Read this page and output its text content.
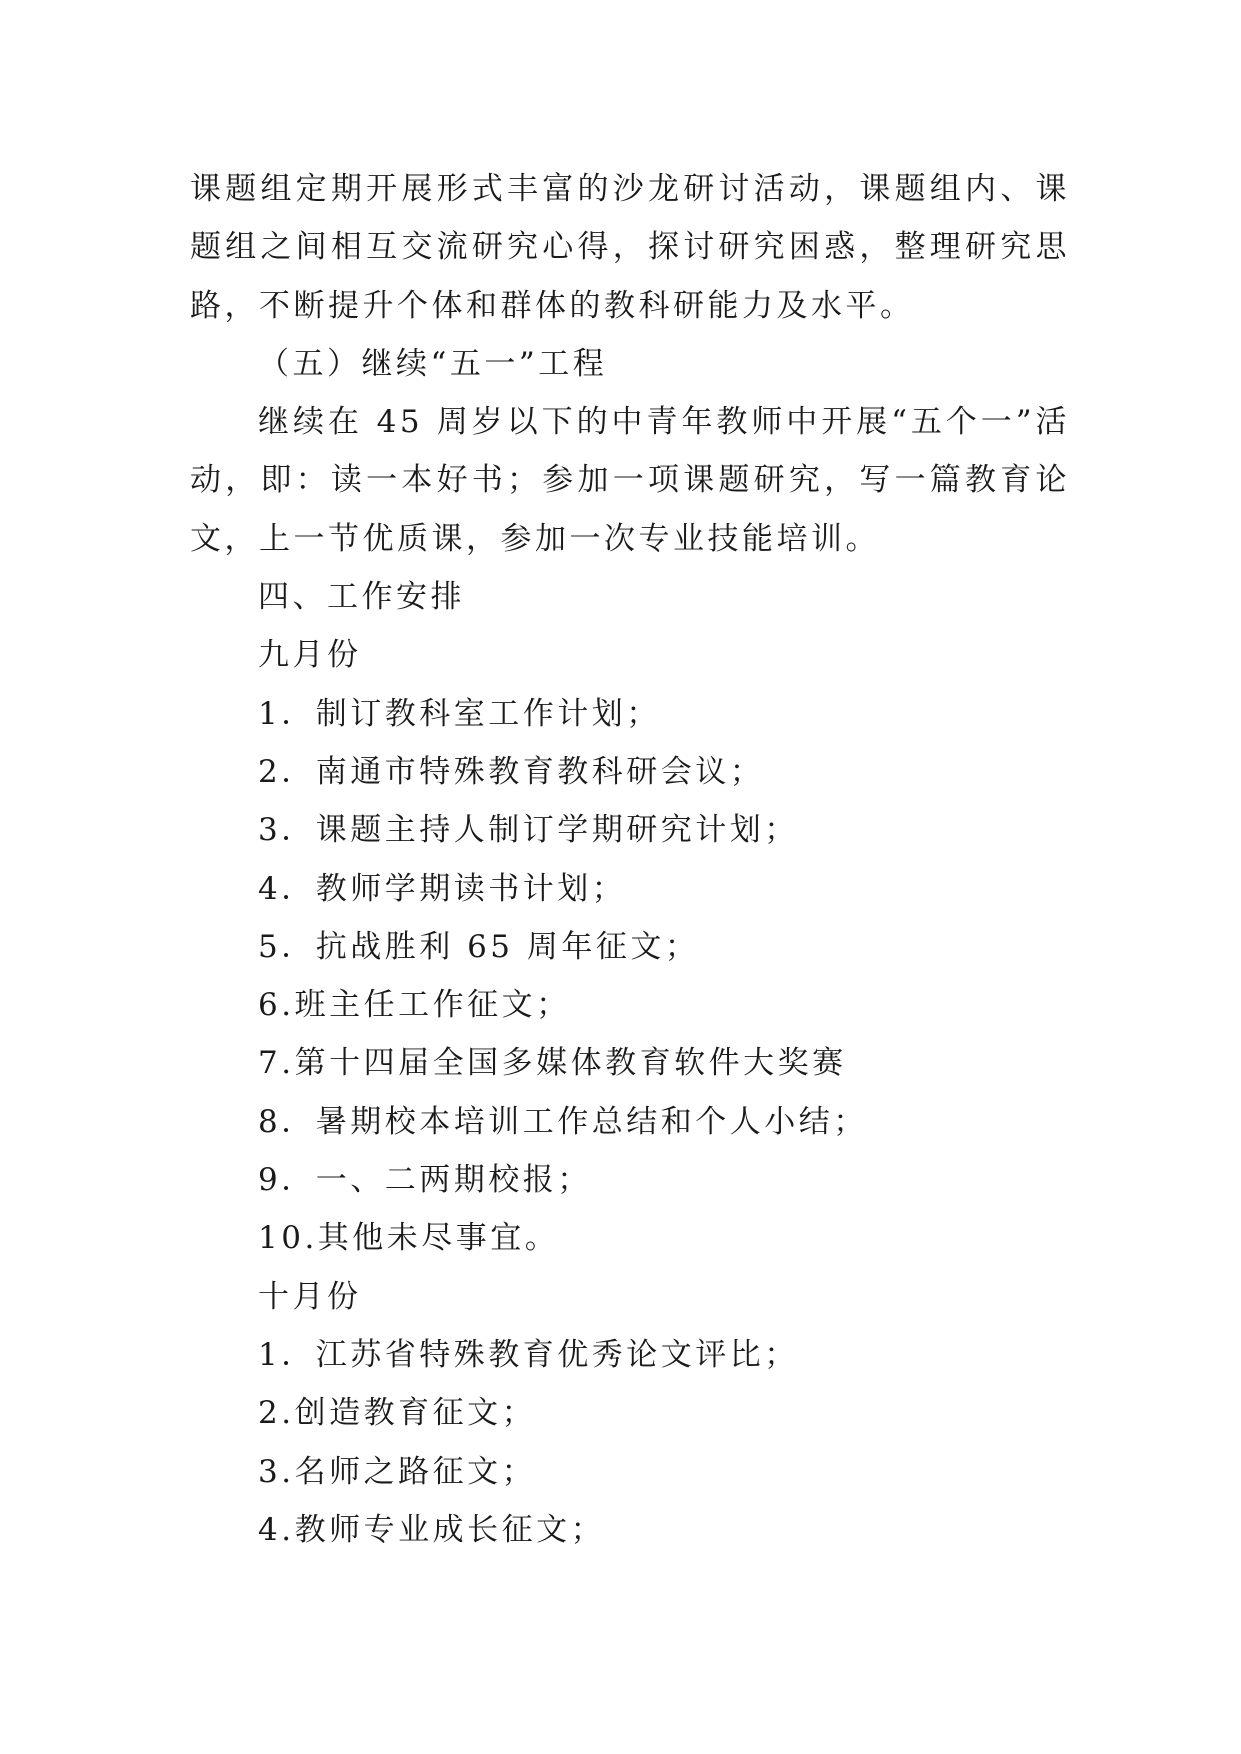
课题组定期开展形式丰富的沙龙研讨活动，课题组内、课题组之间相互交流研究心得，探讨研究困惑，整理研究思路，不断提升个体和群体的教科研能力及水平。
（五）继续“五一”工程
继续在 45 周岁以下的中青年教师中开展“五个一”活动，即：读一本好书；参加一项课题研究，写一篇教育论文，上一节优质课，参加一次专业技能培训。
四、工作安排
九月份
1．制订教科室工作计划；
2．南通市特殊教育教科研会议；
3．课题主持人制订学期研究计划；
4．教师学期读书计划；
5．抗战胜利 65 周年征文；
6.班主任工作征文；
7.第十四届全国多媒体教育软件大奖赛
8．暑期校本培训工作总结和个人小结；
9．一、二两期校报；
10.其他未尽事宜。
十月份
1．江苏省特殊教育优秀论文评比；
2.创造教育征文；
3.名师之路征文；
4.教师专业成长征文；
